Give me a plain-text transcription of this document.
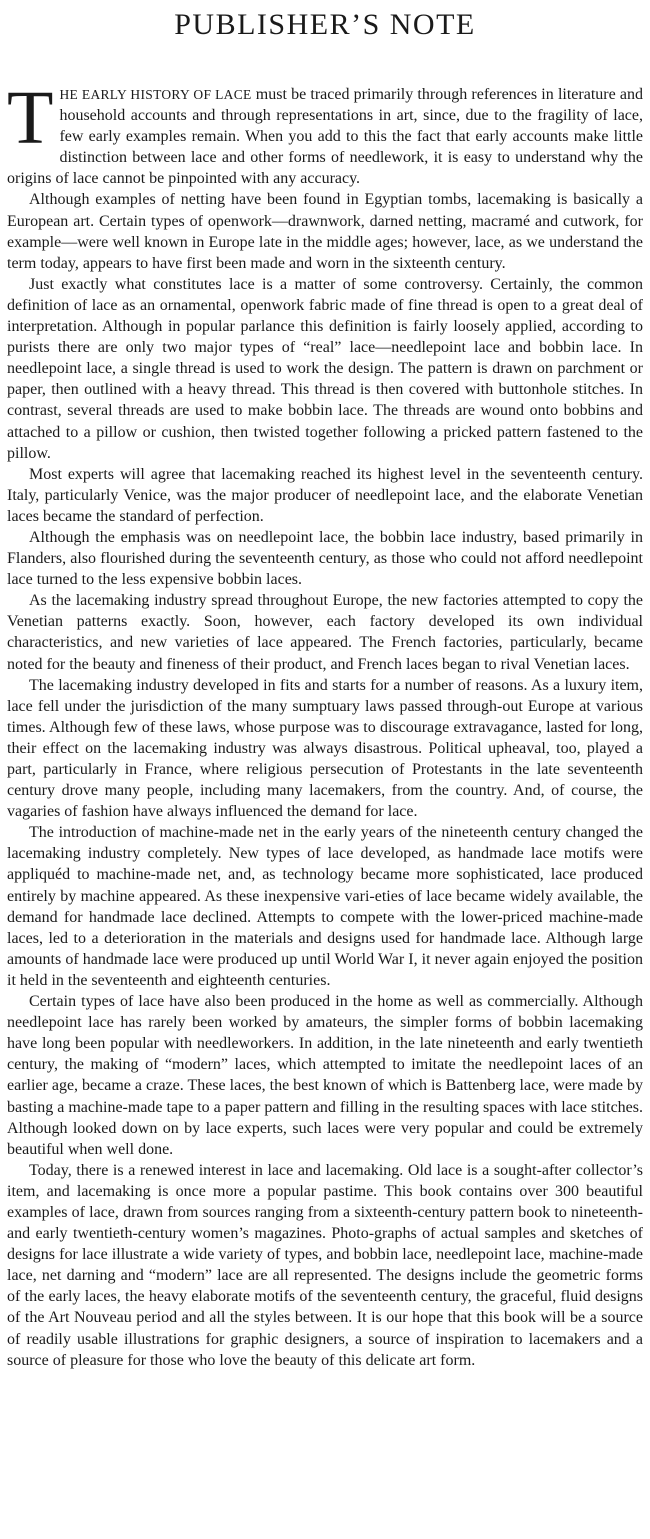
PUBLISHER’S NOTE

THE EARLY HISTORY OF LACE must be traced primarily through references in literature and household accounts and through representations in art, since, due to the fragility of lace, few early examples remain. When you add to this the fact that early accounts make little distinction between lace and other forms of needlework, it is easy to understand why the origins of lace cannot be pinpointed with any accuracy.

Although examples of netting have been found in Egyptian tombs, lacemaking is basically a European art. Certain types of openwork—drawnwork, darned netting, macramé and cutwork, for example—were well known in Europe late in the middle ages; however, lace, as we understand the term today, appears to have first been made and worn in the sixteenth century.

Just exactly what constitutes lace is a matter of some controversy. Certainly, the common definition of lace as an ornamental, openwork fabric made of fine thread is open to a great deal of interpretation. Although in popular parlance this definition is fairly loosely applied, according to purists there are only two major types of “real” lace—needlepoint lace and bobbin lace. In needlepoint lace, a single thread is used to work the design. The pattern is drawn on parchment or paper, then outlined with a heavy thread. This thread is then covered with buttonhole stitches. In contrast, several threads are used to make bobbin lace. The threads are wound onto bobbins and attached to a pillow or cushion, then twisted together following a pricked pattern fastened to the pillow.

Most experts will agree that lacemaking reached its highest level in the seventeenth century. Italy, particularly Venice, was the major producer of needlepoint lace, and the elaborate Venetian laces became the standard of perfection.

Although the emphasis was on needlepoint lace, the bobbin lace industry, based primarily in Flanders, also flourished during the seventeenth century, as those who could not afford needlepoint lace turned to the less expensive bobbin laces.

As the lacemaking industry spread throughout Europe, the new factories attempted to copy the Venetian patterns exactly. Soon, however, each factory developed its own individual characteristics, and new varieties of lace appeared. The French factories, particularly, became noted for the beauty and fineness of their product, and French laces began to rival Venetian laces.

The lacemaking industry developed in fits and starts for a number of reasons. As a luxury item, lace fell under the jurisdiction of the many sumptuary laws passed through-out Europe at various times. Although few of these laws, whose purpose was to discourage extravagance, lasted for long, their effect on the lacemaking industry was always disastrous. Political upheaval, too, played a part, particularly in France, where religious persecution of Protestants in the late seventeenth century drove many people, including many lacemakers, from the country. And, of course, the vagaries of fashion have always influenced the demand for lace.

The introduction of machine-made net in the early years of the nineteenth century changed the lacemaking industry completely. New types of lace developed, as handmade lace motifs were appliquéd to machine-made net, and, as technology became more sophisticated, lace produced entirely by machine appeared. As these inexpensive vari-eties of lace became widely available, the demand for handmade lace declined. Attempts to compete with the lower-priced machine-made laces, led to a deterioration in the materials and designs used for handmade lace. Although large amounts of handmade lace were produced up until World War I, it never again enjoyed the position it held in the seventeenth and eighteenth centuries.

Certain types of lace have also been produced in the home as well as commercially. Although needlepoint lace has rarely been worked by amateurs, the simpler forms of bobbin lacemaking have long been popular with needleworkers. In addition, in the late nineteenth and early twentieth century, the making of “modern” laces, which attempted to imitate the needlepoint laces of an earlier age, became a craze. These laces, the best known of which is Battenberg lace, were made by basting a machine-made tape to a paper pattern and filling in the resulting spaces with lace stitches. Although looked down on by lace experts, such laces were very popular and could be extremely beautiful when well done.

Today, there is a renewed interest in lace and lacemaking. Old lace is a sought-after collector’s item, and lacemaking is once more a popular pastime. This book contains over 300 beautiful examples of lace, drawn from sources ranging from a sixteenth-century pattern book to nineteenth- and early twentieth-century women’s magazines. Photo-graphs of actual samples and sketches of designs for lace illustrate a wide variety of types, and bobbin lace, needlepoint lace, machine-made lace, net darning and “modern” lace are all represented. The designs include the geometric forms of the early laces, the heavy elaborate motifs of the seventeenth century, the graceful, fluid designs of the Art Nouveau period and all the styles between. It is our hope that this book will be a source of readily usable illustrations for graphic designers, a source of inspiration to lacemakers and a source of pleasure for those who love the beauty of this delicate art form.
